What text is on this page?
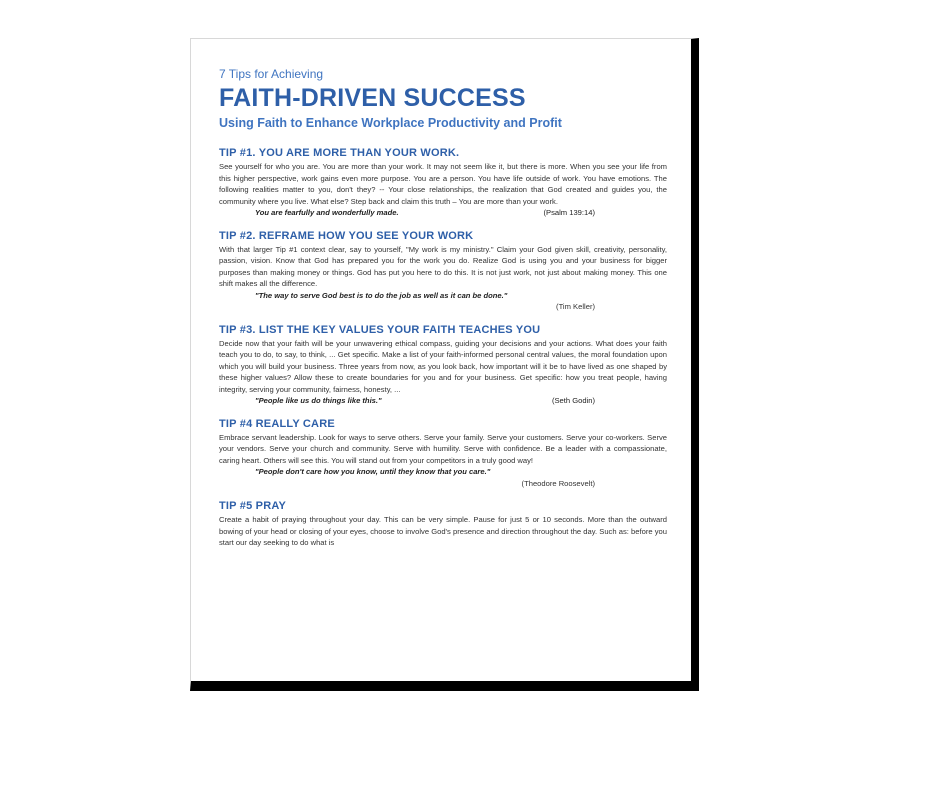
7 Tips for Achieving

FAITH-DRIVEN SUCCESS

Using Faith to Enhance Workplace Productivity and Profit

TIP #1. YOU ARE MORE THAN YOUR WORK.

See yourself for who you are. You are more than your work. It may not seem like it, but there is more. When you see your life from this higher perspective, work gains even more purpose. You are a person. You have life outside of work. You have emotions. The following realities matter to you, don't they? -- Your close relationships, the realization that God created and guides you, the community where you live. What else? Step back and claim this truth – You are more than your work.

You are fearfully and wonderfully made.	(Psalm 139:14)

TIP #2. REFRAME HOW YOU SEE YOUR WORK

With that larger Tip #1 context clear, say to yourself, "My work is my ministry." Claim your God given skill, creativity, personality, passion, vision. Know that God has prepared you for the work you do. Realize God is using you and your business for bigger purposes than making money or things. God has put you here to do this. It is not just work, not just about making money. This one shift makes all the difference.

"The way to serve God best is to do the job as well as it can be done."
(Tim Keller)

TIP #3. LIST THE KEY VALUES YOUR FAITH TEACHES YOU

Decide now that your faith will be your unwavering ethical compass, guiding your decisions and your actions. What does your faith teach you to do, to say, to think, ... Get specific. Make a list of your faith-informed personal central values, the moral foundation upon which you will build your business. Three years from now, as you look back, how important will it be to have lived as one shaped by these higher values? Allow these to create boundaries for you and for your business. Get specific: how you treat people, having integrity, serving your community, fairness, honesty, ...

"People like us do things like this."	(Seth Godin)

TIP #4 REALLY CARE

Embrace servant leadership. Look for ways to serve others. Serve your family. Serve your customers. Serve your co-workers. Serve your vendors. Serve your church and community. Serve with humility. Serve with confidence. Be a leader with a compassionate, caring heart. Others will see this. You will stand out from your competitors in a truly good way!

"People don't care how you know, until they know that you care."
(Theodore Roosevelt)

TIP #5 PRAY

Create a habit of praying throughout your day. This can be very simple. Pause for just 5 or 10 seconds. More than the outward bowing of your head or closing of your eyes, choose to involve God's presence and direction throughout the day. Such as: before you start our day seeking to do what is
